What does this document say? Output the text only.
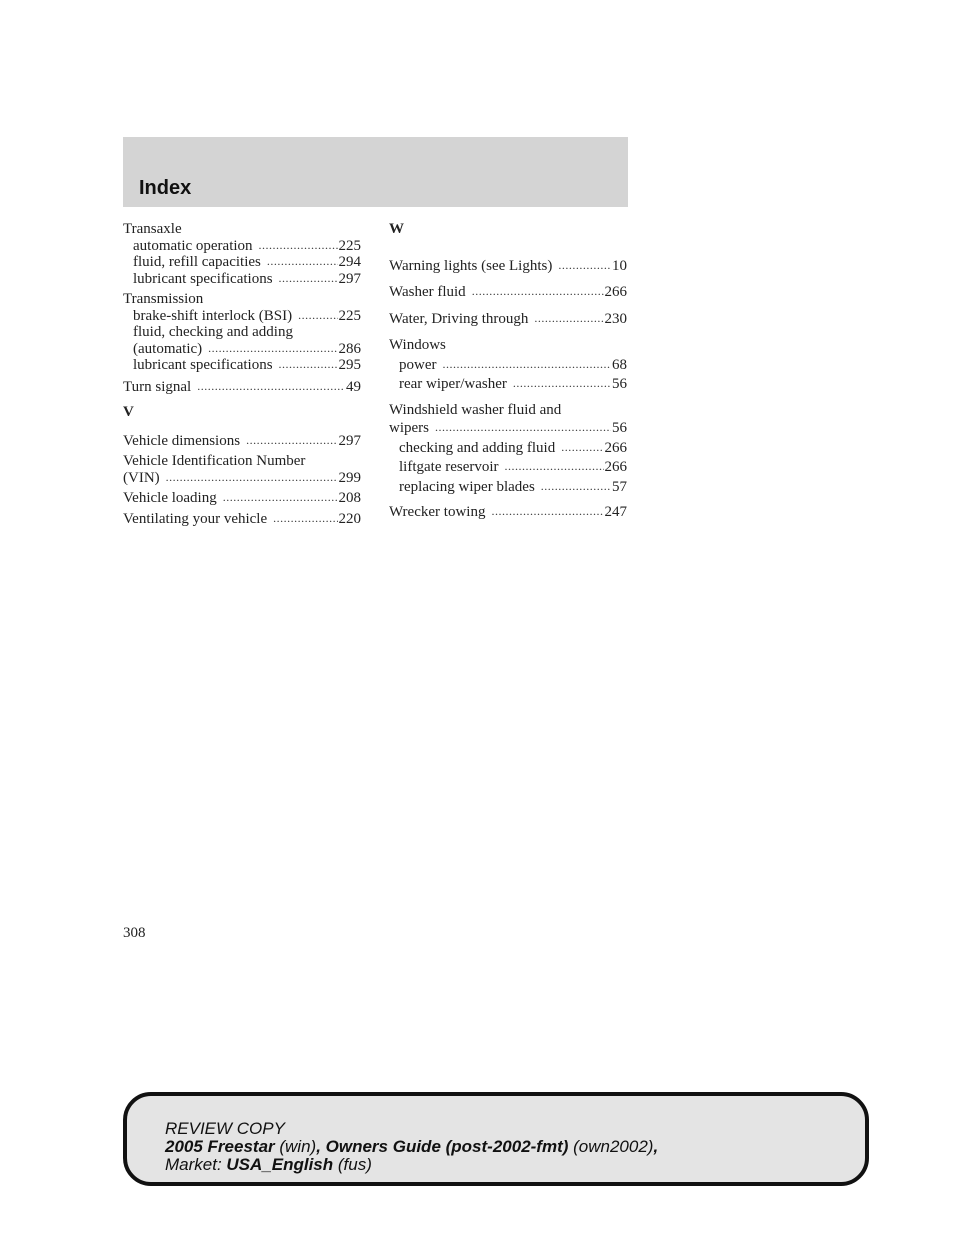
Index
Transaxle
automatic operation .....	225
fluid, refill capacities .....	294
lubricant specifications .....	297
Transmission
brake-shift interlock (BSI) .....	225
fluid, checking and adding
(automatic) .....	286
lubricant specifications .....	295
Turn signal .....	49
V
Vehicle dimensions .....	297
Vehicle Identification Number
(VIN) .....	299
Vehicle loading .....	208
Ventilating your vehicle .....	220
W
Warning lights (see Lights) .....	10
Washer fluid .....	266
Water, Driving through .....	230
Windows
power .....	68
rear wiper/washer .....	56
Windshield washer fluid and
wipers .....	56
checking and adding fluid .....	266
liftgate reservoir .....	266
replacing wiper blades .....	57
Wrecker towing .....	247
308
REVIEW COPY
2005 Freestar (win), Owners Guide (post-2002-fmt) (own2002),
Market: USA_English (fus)
